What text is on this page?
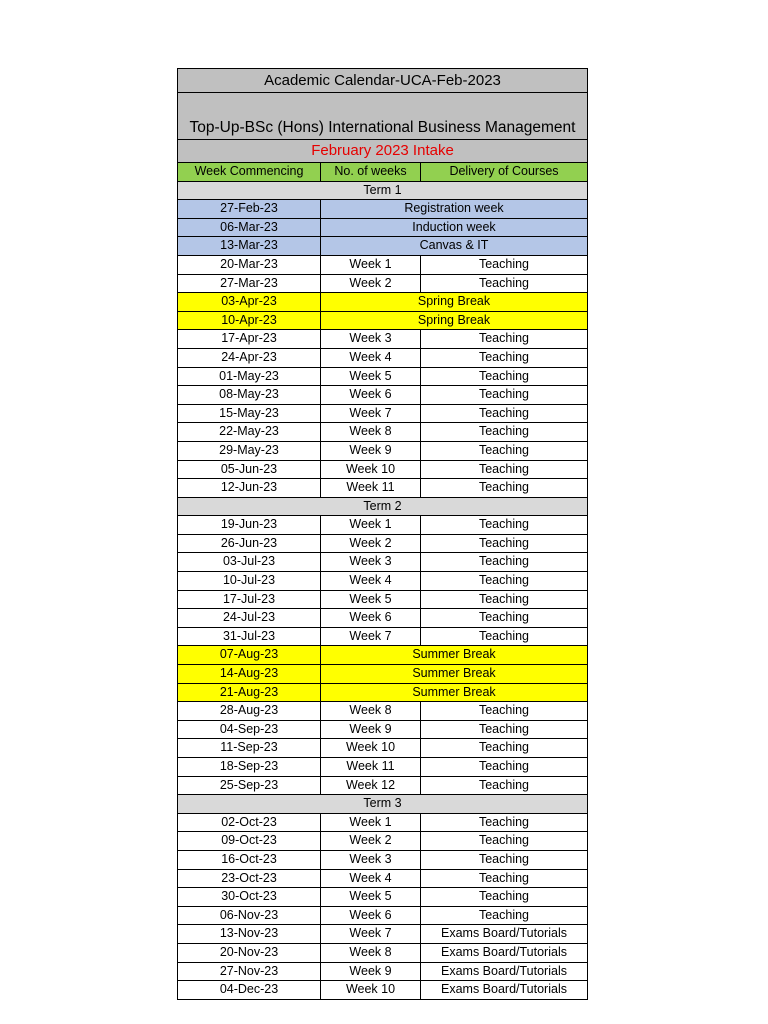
Academic Calendar-UCA-Feb-2023
Top-Up-BSc (Hons) International Business Management
February 2023 Intake
Week Commencing	No. of weeks	Delivery of Courses
Term 1
27-Feb-23	Registration week
06-Mar-23	Induction week
13-Mar-23	Canvas & IT
20-Mar-23	Week 1	Teaching
27-Mar-23	Week 2	Teaching
03-Apr-23	Spring Break
10-Apr-23	Spring Break
17-Apr-23	Week 3	Teaching
24-Apr-23	Week 4	Teaching
01-May-23	Week 5	Teaching
08-May-23	Week 6	Teaching
15-May-23	Week 7	Teaching
22-May-23	Week 8	Teaching
29-May-23	Week 9	Teaching
05-Jun-23	Week 10	Teaching
12-Jun-23	Week 11	Teaching
Term 2
19-Jun-23	Week 1	Teaching
26-Jun-23	Week 2	Teaching
03-Jul-23	Week 3	Teaching
10-Jul-23	Week 4	Teaching
17-Jul-23	Week 5	Teaching
24-Jul-23	Week 6	Teaching
31-Jul-23	Week 7	Teaching
07-Aug-23	Summer Break
14-Aug-23	Summer Break
21-Aug-23	Summer Break
28-Aug-23	Week 8	Teaching
04-Sep-23	Week 9	Teaching
11-Sep-23	Week 10	Teaching
18-Sep-23	Week 11	Teaching
25-Sep-23	Week 12	Teaching
Term 3
02-Oct-23	Week 1	Teaching
09-Oct-23	Week 2	Teaching
16-Oct-23	Week 3	Teaching
23-Oct-23	Week 4	Teaching
30-Oct-23	Week 5	Teaching
06-Nov-23	Week 6	Teaching
13-Nov-23	Week 7	Exams Board/Tutorials
20-Nov-23	Week 8	Exams Board/Tutorials
27-Nov-23	Week 9	Exams Board/Tutorials
04-Dec-23	Week 10	Exams Board/Tutorials
